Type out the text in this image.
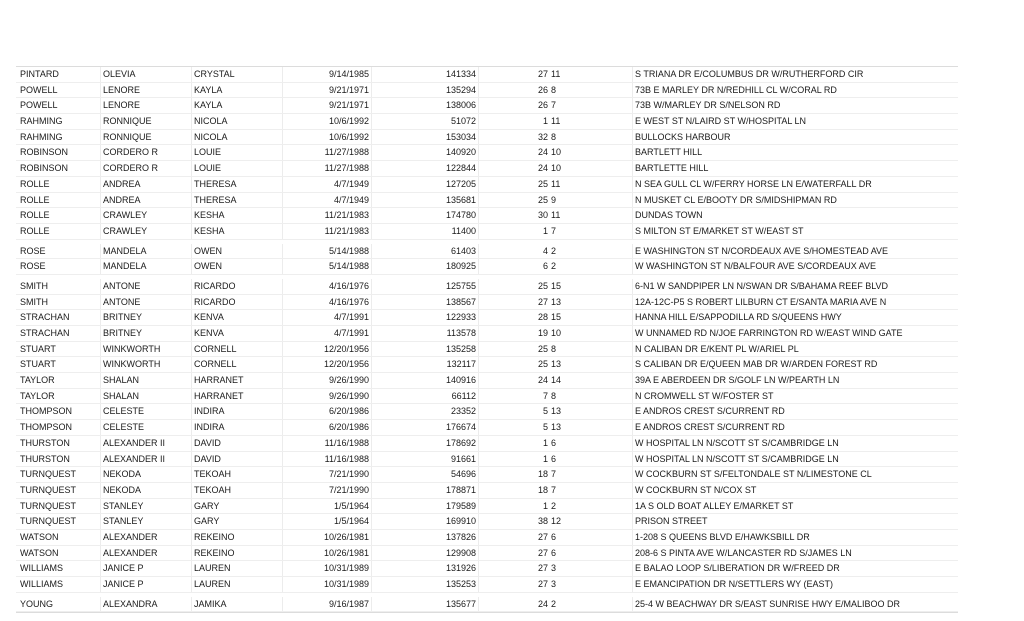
PINTARD	OLEVIA	CRYSTAL	9/14/1985	141334	27 11	S TRIANA DR E/COLUMBUS DR W/RUTHERFORD CIR
POWELL	LENORE	KAYLA	9/21/1971	135294	26 8	73B E MARLEY DR N/REDHILL CL W/CORAL RD
POWELL	LENORE	KAYLA	9/21/1971	138006	26 7	73B W/MARLEY DR S/NELSON RD
RAHMING	RONNIQUE	NICOLA	10/6/1992	51072	1 11	E WEST ST N/LAIRD ST W/HOSPITAL LN
RAHMING	RONNIQUE	NICOLA	10/6/1992	153034	32 8	BULLOCKS HARBOUR
ROBINSON	CORDERO R	LOUIE	11/27/1988	140920	24 10	BARTLETT HILL
ROBINSON	CORDERO R	LOUIE	11/27/1988	122844	24 10	BARTLETTE HILL
ROLLE	ANDREA	THERESA	4/7/1949	127205	25 11	N SEA GULL CL W/FERRY HORSE LN E/WATERFALL DR
ROLLE	ANDREA	THERESA	4/7/1949	135681	25 9	N MUSKET CL E/BOOTY DR S/MIDSHIPMAN RD
ROLLE	CRAWLEY	KESHA	11/21/1983	174780	30 11	DUNDAS TOWN
ROLLE	CRAWLEY	KESHA	11/21/1983	11400	1 7	S MILTON ST E/MARKET ST W/EAST ST
ROSE	MANDELA	OWEN	5/14/1988	61403	4 2	E WASHINGTON ST N/CORDEAUX AVE S/HOMESTEAD AVE
ROSE	MANDELA	OWEN	5/14/1988	180925	6 2	W WASHINGTON ST N/BALFOUR AVE S/CORDEAUX AVE
SMITH	ANTONE	RICARDO	4/16/1976	125755	25 15	6-N1 W SANDPIPER LN N/SWAN DR S/BAHAMA REEF BLVD
SMITH	ANTONE	RICARDO	4/16/1976	138567	27 13	12A-12C-P5 S ROBERT LILBURN CT E/SANTA MARIA AVE N
STRACHAN	BRITNEY	KENVA	4/7/1991	122933	28 15	HANNA HILL E/SAPPODILLA RD S/QUEENS HWY
STRACHAN	BRITNEY	KENVA	4/7/1991	113578	19 10	W UNNAMED RD N/JOE FARRINGTON RD W/EAST WIND GATE
STUART	WINKWORTH	CORNELL	12/20/1956	135258	25 8	N CALIBAN DR E/KENT PL W/ARIEL PL
STUART	WINKWORTH	CORNELL	12/20/1956	132117	25 13	S CALIBAN DR E/QUEEN MAB DR W/ARDEN FOREST RD
TAYLOR	SHALAN	HARRANET	9/26/1990	140916	24 14	39A E ABERDEEN DR S/GOLF LN W/PEARTH LN
TAYLOR	SHALAN	HARRANET	9/26/1990	66112	7 8	N CROMWELL ST W/FOSTER ST
THOMPSON	CELESTE	INDIRA	6/20/1986	23352	5 13	E ANDROS CREST S/CURRENT RD
THOMPSON	CELESTE	INDIRA	6/20/1986	176674	5 13	E ANDROS CREST S/CURRENT RD
THURSTON	ALEXANDER II	DAVID	11/16/1988	178692	1 6	W HOSPITAL LN N/SCOTT ST S/CAMBRIDGE LN
THURSTON	ALEXANDER II	DAVID	11/16/1988	91661	1 6	W HOSPITAL LN N/SCOTT ST S/CAMBRIDGE LN
TURNQUEST	NEKODA	TEKOAH	7/21/1990	54696	18 7	W COCKBURN ST S/FELTONDALE ST N/LIMESTONE CL
TURNQUEST	NEKODA	TEKOAH	7/21/1990	178871	18 7	W COCKBURN ST N/COX ST
TURNQUEST	STANLEY	GARY	1/5/1964	179589	1 2	1A S OLD BOAT ALLEY E/MARKET ST
TURNQUEST	STANLEY	GARY	1/5/1964	169910	38 12	PRISON STREET
WATSON	ALEXANDER	REKEINO	10/26/1981	137826	27 6	1-208 S QUEENS BLVD E/HAWKSBILL DR
WATSON	ALEXANDER	REKEINO	10/26/1981	129908	27 6	208-6 S PINTA AVE W/LANCASTER RD S/JAMES LN
WILLIAMS	JANICE P	LAUREN	10/31/1989	131926	27 3	E BALAO LOOP S/LIBERATION DR W/FREED DR
WILLIAMS	JANICE P	LAUREN	10/31/1989	135253	27 3	E EMANCIPATION DR N/SETTLERS WY (EAST)
YOUNG	ALEXANDRA	JAMIKA	9/16/1987	135677	24 2	25-4 W BEACHWAY DR S/EAST SUNRISE HWY E/MALIBOO DR
